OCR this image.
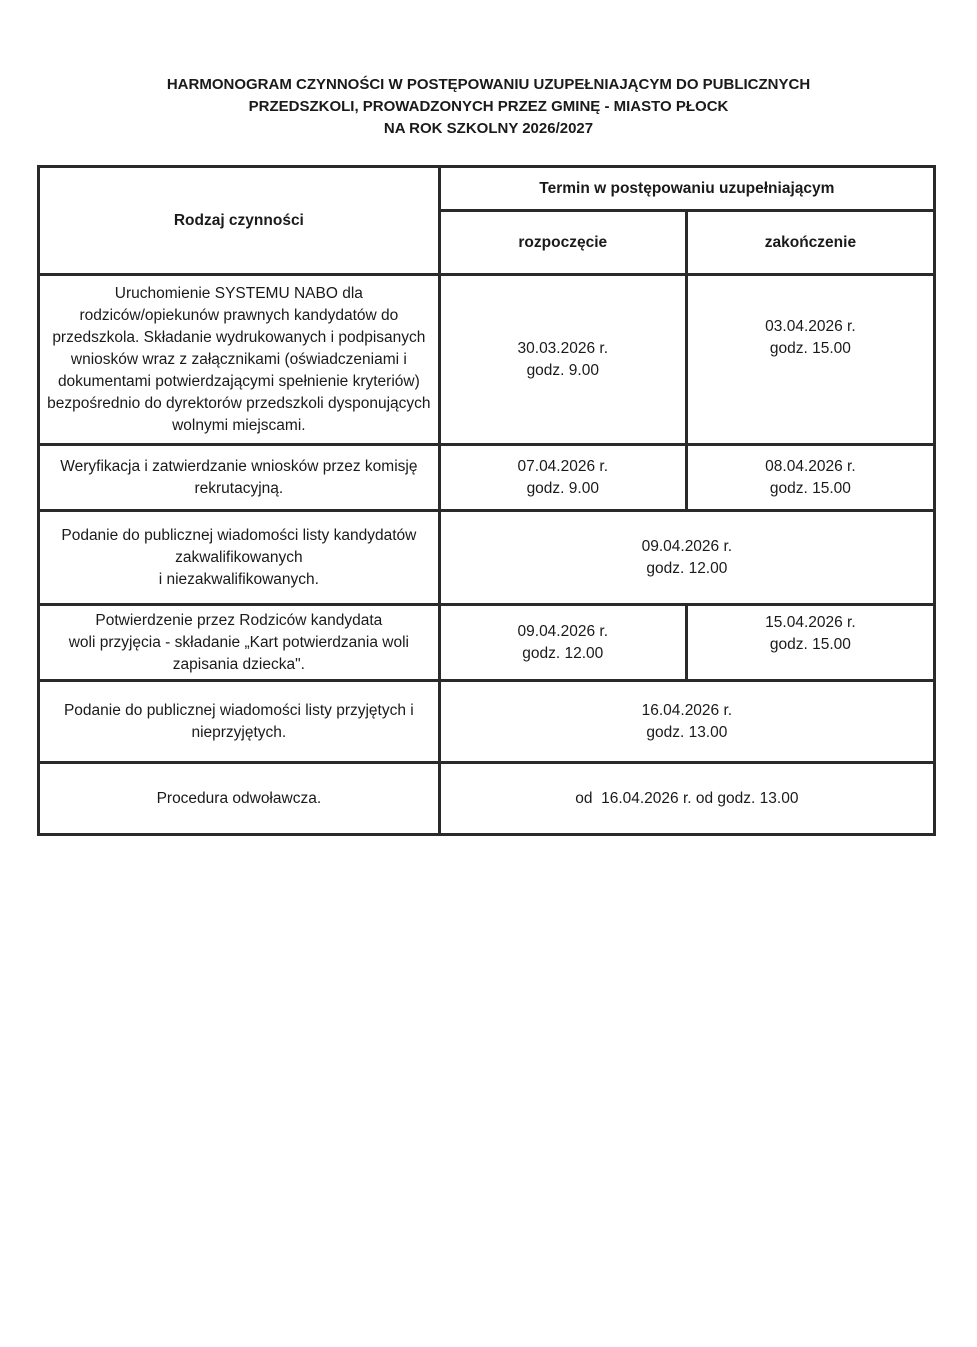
HARMONOGRAM CZYNNOŚCI W POSTĘPOWANIU UZUPEŁNIAJĄCYM DO PUBLICZNYCH
PRZEDSZKOLI, PROWADZONYCH PRZEZ GMINĘ - MIASTO PŁOCK
NA ROK SZKOLNY 2026/2027
Rodzaj czynności	Termin w postępowaniu uzupełniającym	
	rozpoczęcie	zakończenie
Uruchomienie SYSTEMU NABO dla rodziców/opiekunów prawnych kandydatów do przedszkola. Składanie wydrukowanych i podpisanych wniosków wraz z załącznikami (oświadczeniami i dokumentami potwierdzającymi spełnienie kryteriów) bezpośrednio do dyrektorów przedszkoli dysponujących wolnymi miejscami.	30.03.2026 r.
godz. 9.00	03.04.2026 r.
godz. 15.00

Weryfikacja i zatwierdzanie wniosków przez komisję rekrutacyjną.	07.04.2026 r.
godz. 9.00	08.04.2026 r.
godz. 15.00

Podanie do publicznej wiadomości listy kandydatów
zakwalifikowanych
i niezakwalifikowanych.	09.04.2026 r.
godz. 12.00	

Potwierdzenie przez Rodziców kandydata
woli przyjęcia - składanie „Kart potwierdzania woli zapisania dziecka".	09.04.2026 r.
godz. 12.00	15.04.2026 r.
godz. 15.00

Podanie do publicznej wiadomości listy przyjętych i nieprzyjętych.	16.04.2026 r.
godz. 13.00	

Procedura odwoławcza.	od  16.04.2026 r. od godz. 13.00	
